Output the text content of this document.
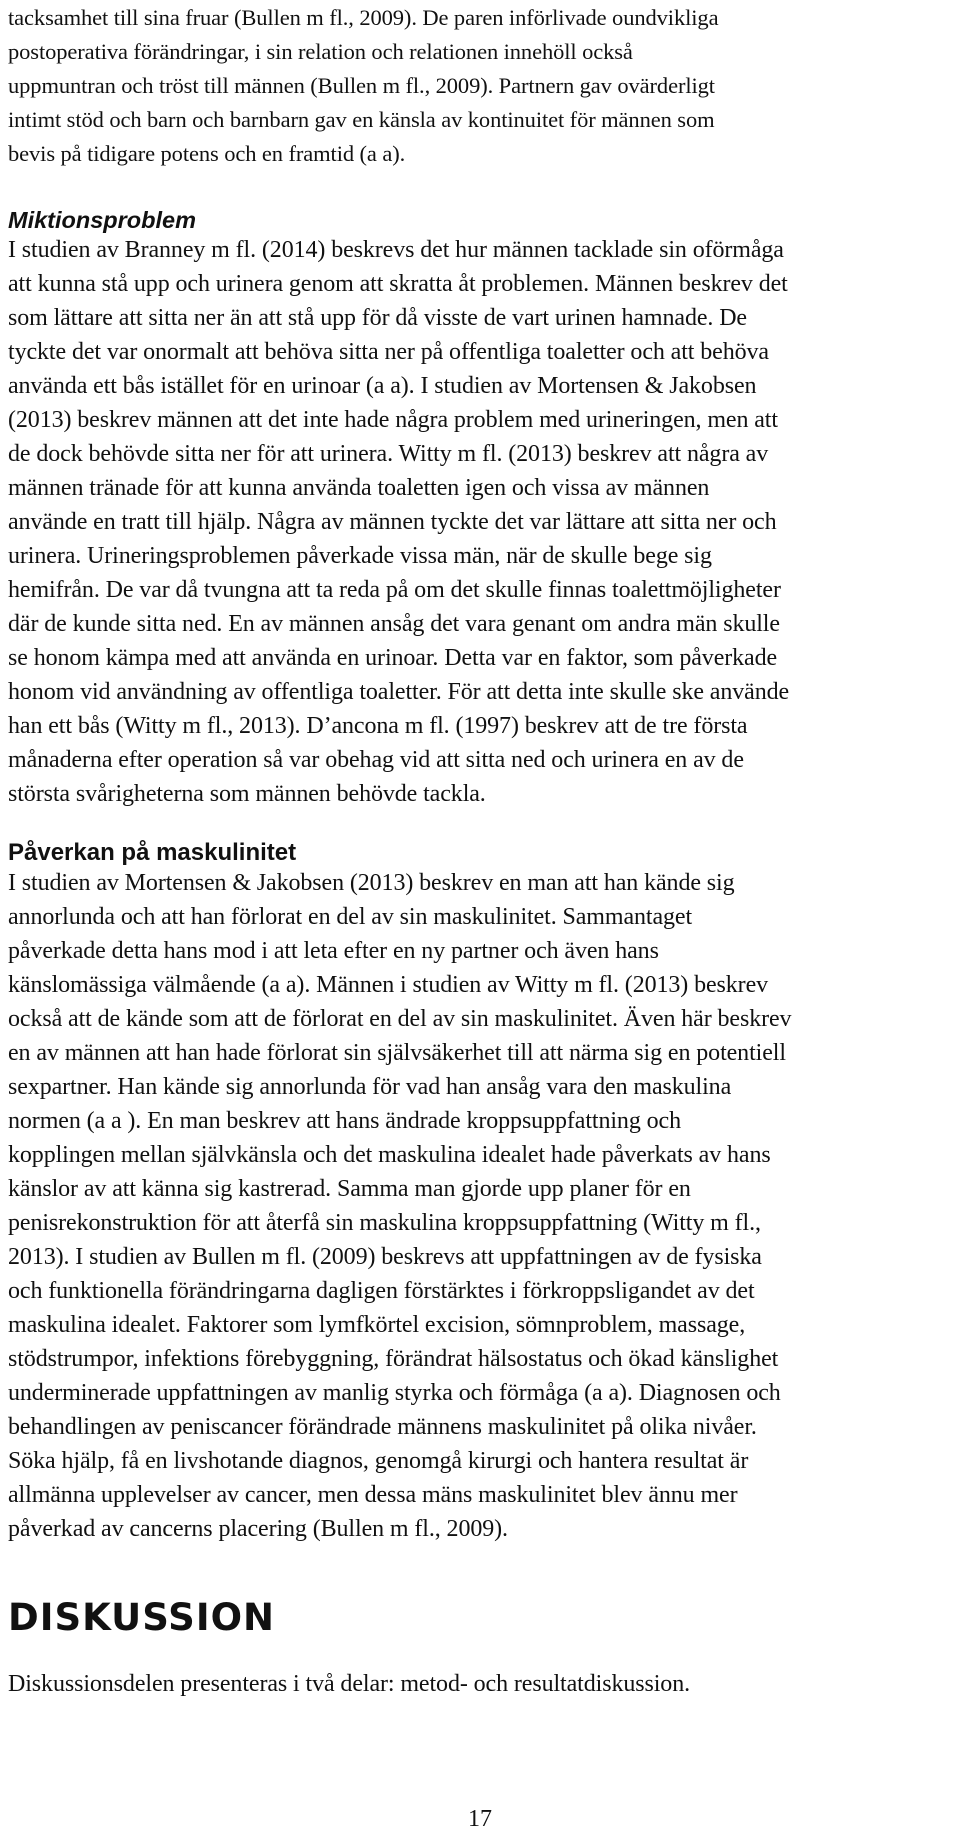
tacksamhet till sina fruar (Bullen m fl., 2009). De paren införlivade oundvikliga
postoperativa förändringar, i sin relation och relationen innehöll också
uppmuntran och tröst till männen (Bullen m fl., 2009). Partnern gav ovärderligt
intimt stöd och barn och barnbarn gav en känsla av kontinuitet för männen som
bevis på tidigare potens och en framtid (a a).

Miktionsproblem

I studien av Branney m fl. (2014) beskrevs det hur männen tacklade sin oförmåga
att kunna stå upp och urinera genom att skratta åt problemen. Männen beskrev det
som lättare att sitta ner än att stå upp för då visste de vart urinen hamnade. De
tyckte det var onormalt att behöva sitta ner på offentliga toaletter och att behöva
använda ett bås istället för en urinoar (a a). I studien av Mortensen & Jakobsen
(2013) beskrev männen att det inte hade några problem med urineringen, men att
de dock behövde sitta ner för att urinera. Witty m fl. (2013) beskrev att några av
männen tränade för att kunna använda toaletten igen och vissa av männen
använde en tratt till hjälp. Några av männen tyckte det var lättare att sitta ner och
urinera. Urineringsproblemen påverkade vissa män, när de skulle bege sig
hemifrån. De var då tvungna att ta reda på om det skulle finnas toalettmöjligheter
där de kunde sitta ned. En av männen ansåg det vara genant om andra män skulle
se honom kämpa med att använda en urinoar. Detta var en faktor, som påverkade
honom vid användning av offentliga toaletter. För att detta inte skulle ske använde
han ett bås (Witty m fl., 2013). D’ancona m fl. (1997) beskrev att de tre första
månaderna efter operation så var obehag vid att sitta ned och urinera en av de
största svårigheterna som männen behövde tackla.

Påverkan på maskulinitet

I studien av Mortensen & Jakobsen (2013) beskrev en man att han kände sig
annorlunda och att han förlorat en del av sin maskulinitet. Sammantaget
påverkade detta hans mod i att leta efter en ny partner och även hans
känslomässiga välmående (a a). Männen i studien av Witty m fl. (2013) beskrev
också att de kände som att de förlorat en del av sin maskulinitet. Även här beskrev
en av männen att han hade förlorat sin självsäkerhet till att närma sig en potentiell
sexpartner. Han kände sig annorlunda för vad han ansåg vara den maskulina
normen (a a ). En man beskrev att hans ändrade kroppsuppfattning och
kopplingen mellan självkänsla och det maskulina idealet hade påverkats av hans
känslor av att känna sig kastrerad. Samma man gjorde upp planer för en
penisrekonstruktion för att återfå sin maskulina kroppsuppfattning (Witty m fl.,
2013). I studien av Bullen m fl. (2009) beskrevs att uppfattningen av de fysiska
och funktionella förändringarna dagligen förstärktes i förkroppsligandet av det
maskulina idealet. Faktorer som lymfkörtel excision, sömnproblem, massage,
stödstrumpor, infektions förebyggning, förändrat hälsostatus och ökad känslighet
underminerade uppfattningen av manlig styrka och förmåga (a a). Diagnosen och
behandlingen av peniscancer förändrade männens maskulinitet på olika nivåer.
Söka hjälp, få en livshotande diagnos, genomgå kirurgi och hantera resultat är
allmänna upplevelser av cancer, men dessa mäns maskulinitet blev ännu mer
påverkad av cancerns placering (Bullen m fl., 2009).

DISKUSSION

Diskussionsdelen presenteras i två delar: metod- och resultatdiskussion.

17
